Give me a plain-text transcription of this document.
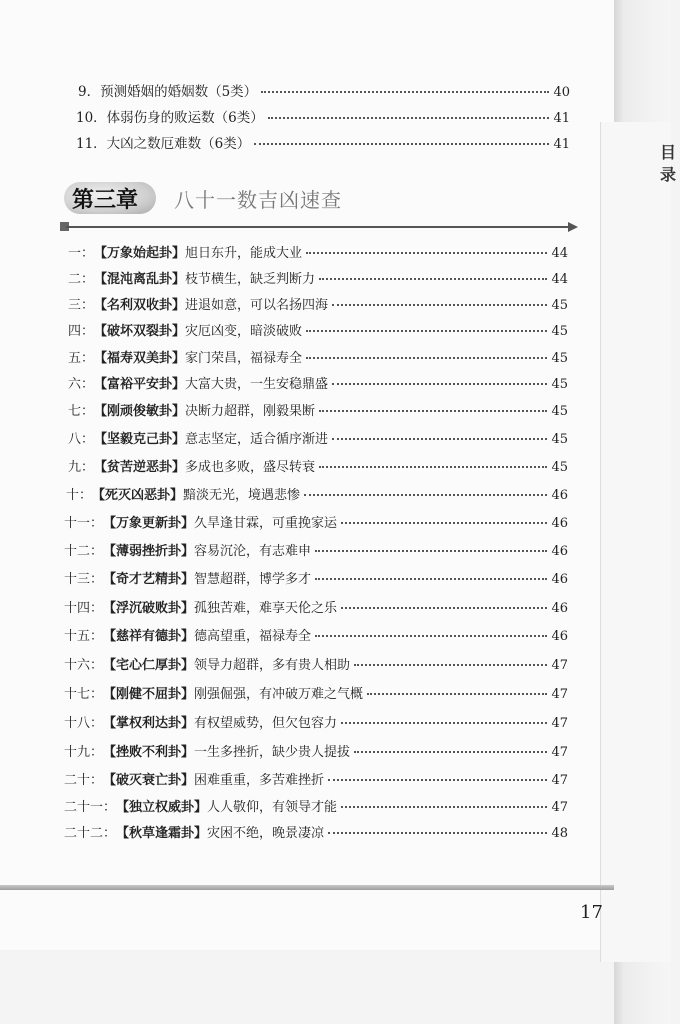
目 录
9．预测婚姻的婚姻数（5类）	40
10．体弱伤身的败运数（6类）	41
11．大凶之数厄难数（6类）	41
第三章 八十一数吉凶速查
一： 【万象始起卦】 旭日东升，能成大业	44
二： 【混沌离乱卦】 枝节横生，缺乏判断力	44
三： 【名利双收卦】 进退如意，可以名扬四海	45
四： 【破坏双裂卦】 灾厄凶变，暗淡破败	45
五： 【福寿双美卦】 家门荣昌，福禄寿全	45
六： 【富裕平安卦】 大富大贵，一生安稳鼎盛	45
七： 【刚顽俊敏卦】 决断力超群，刚毅果断	45
八： 【坚毅克己卦】 意志坚定，适合循序渐进	45
九： 【贫苦逆恶卦】 多成也多败，盛尽转衰	45
十： 【死灭凶恶卦】 黯淡无光，境遇悲惨	46
十一： 【万象更新卦】 久旱逢甘霖，可重挽家运	46
十二： 【薄弱挫折卦】 容易沉沦，有志难申	46
十三： 【奇才艺精卦】 智慧超群，博学多才	46
十四： 【浮沉破败卦】 孤独苦难，难享天伦之乐	46
十五： 【慈祥有德卦】 德高望重，福禄寿全	46
十六： 【宅心仁厚卦】 领导力超群，多有贵人相助	47
十七： 【刚健不屈卦】 刚强倔强，有冲破万难之气概	47
十八： 【掌权利达卦】 有权望威势，但欠包容力	47
十九： 【挫败不利卦】 一生多挫折，缺少贵人提拔	47
二十： 【破灭衰亡卦】 困难重重，多苦难挫折	47
二十一： 【独立权威卦】 人人敬仰，有领导才能	47
二十二： 【秋草逢霜卦】 灾困不绝，晚景凄凉	48
17
